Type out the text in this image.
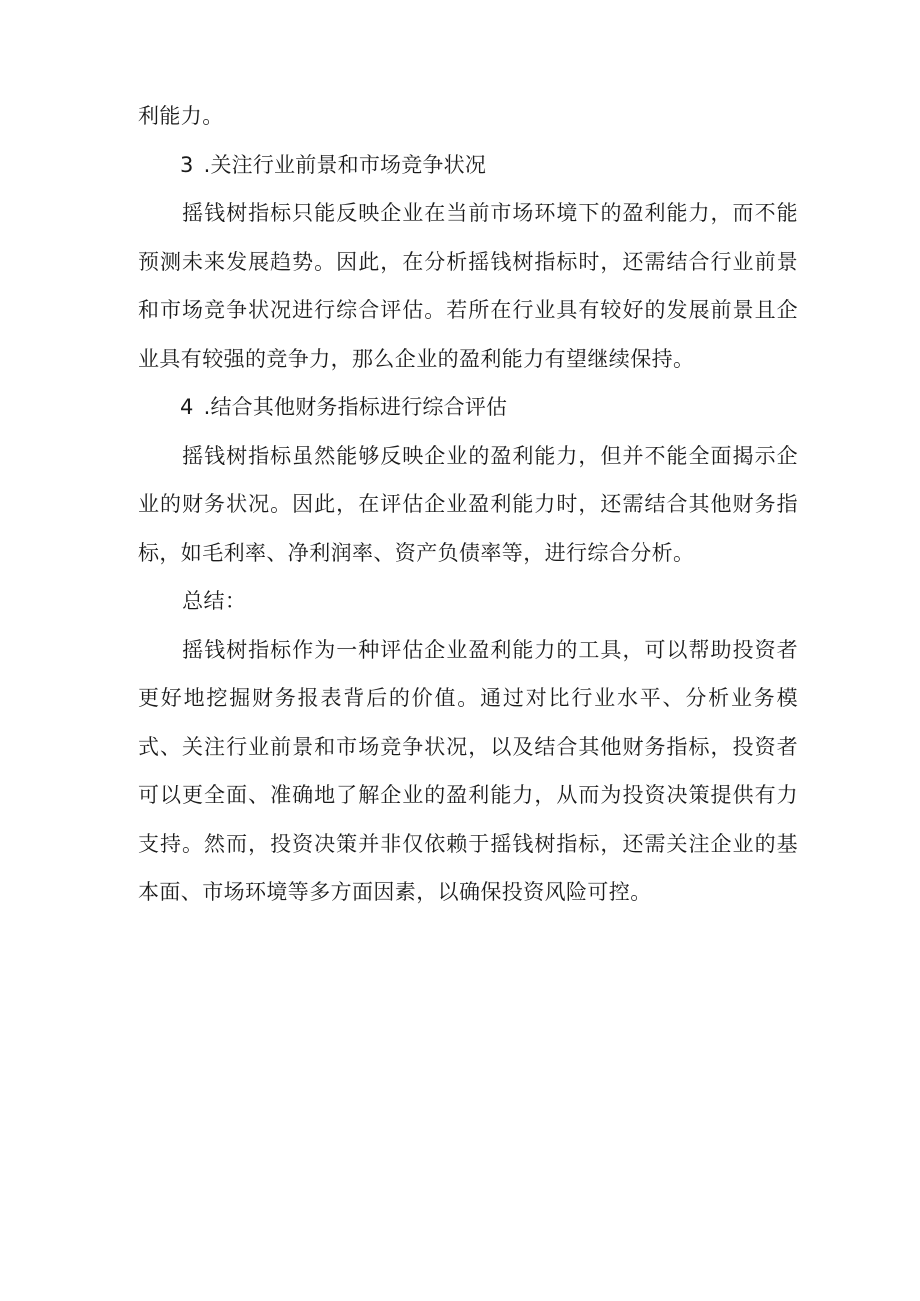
利能力。

3 .关注行业前景和市场竞争状况

摇钱树指标只能反映企业在当前市场环境下的盈利能力，而不能预测未来发展趋势。因此，在分析摇钱树指标时，还需结合行业前景和市场竞争状况进行综合评估。若所在行业具有较好的发展前景且企业具有较强的竞争力，那么企业的盈利能力有望继续保持。

4 .结合其他财务指标进行综合评估

摇钱树指标虽然能够反映企业的盈利能力，但并不能全面揭示企业的财务状况。因此，在评估企业盈利能力时，还需结合其他财务指标，如毛利率、净利润率、资产负债率等，进行综合分析。

总结：

摇钱树指标作为一种评估企业盈利能力的工具，可以帮助投资者更好地挖掘财务报表背后的价值。通过对比行业水平、分析业务模式、关注行业前景和市场竞争状况，以及结合其他财务指标，投资者可以更全面、准确地了解企业的盈利能力，从而为投资决策提供有力支持。然而，投资决策并非仅依赖于摇钱树指标，还需关注企业的基本面、市场环境等多方面因素，以确保投资风险可控。
